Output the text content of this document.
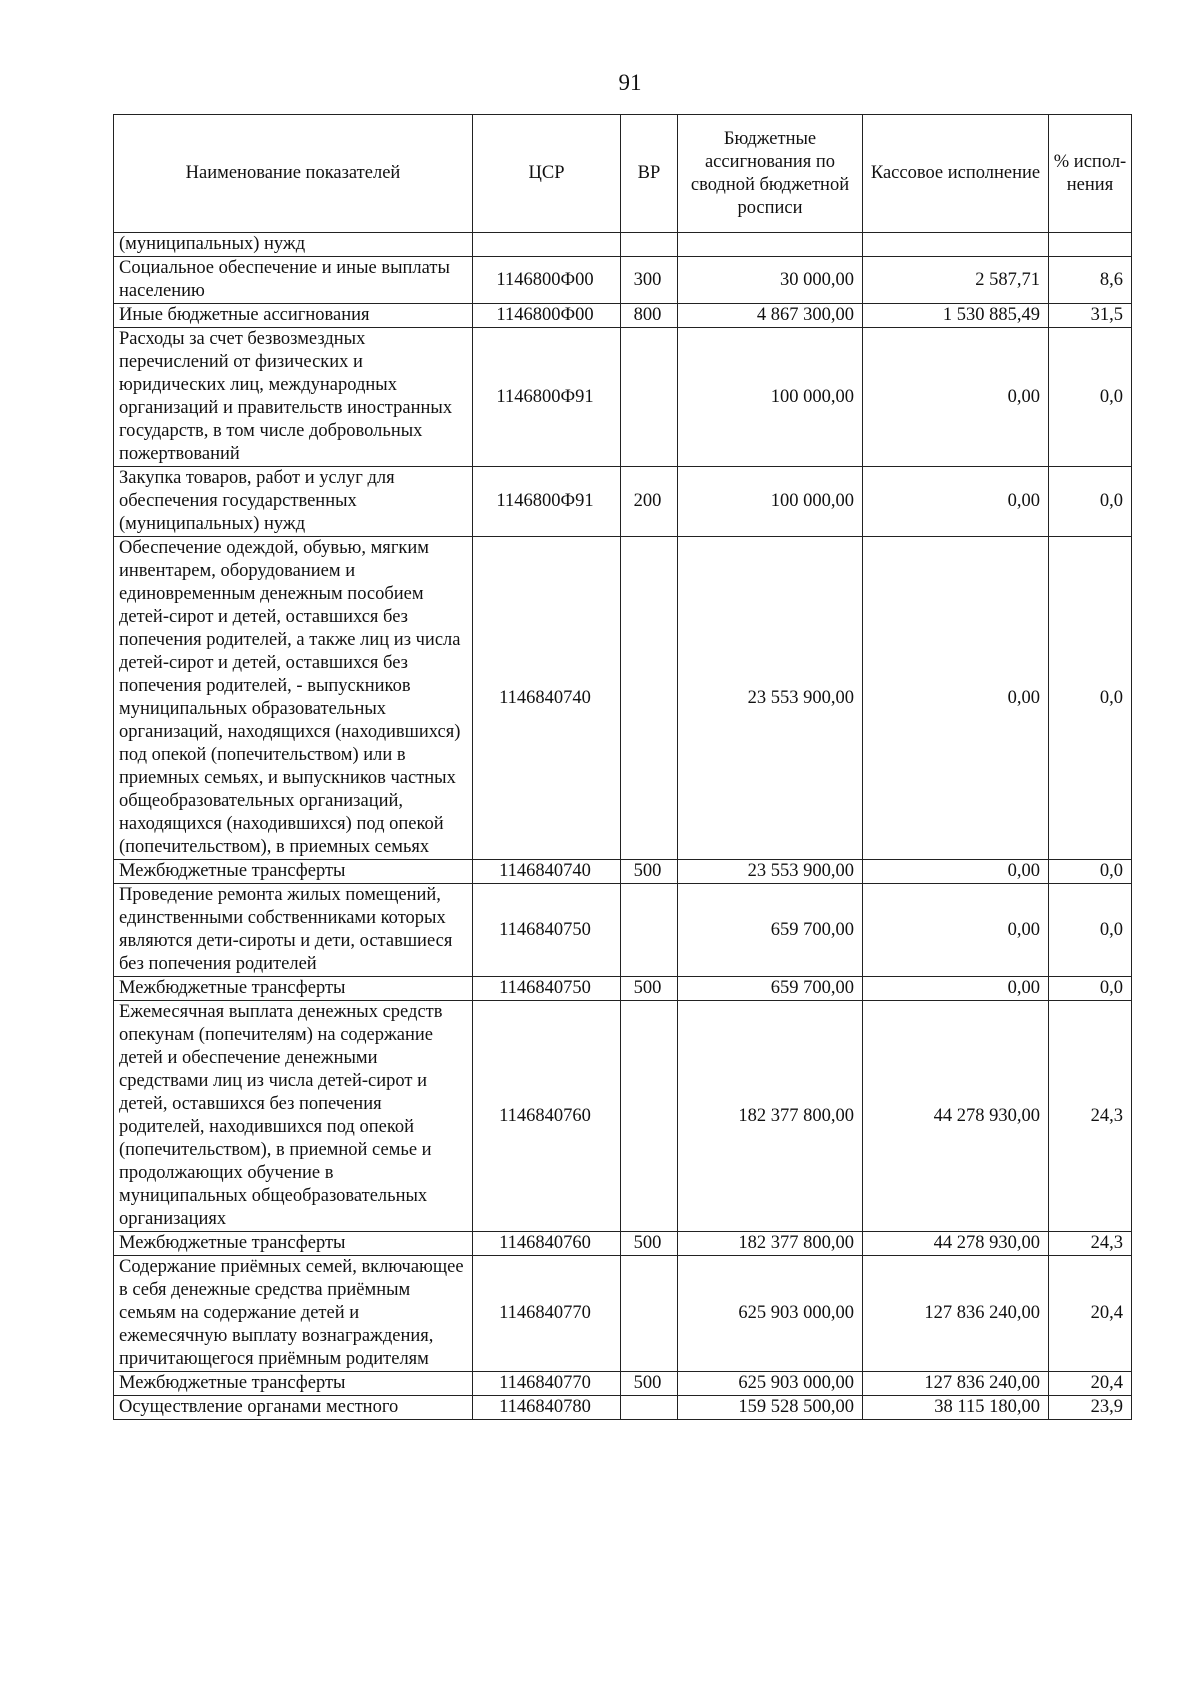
91
Наименование показателей	ЦСР	ВР	Бюджетные ассигнования по сводной бюджетной росписи	Кассовое исполнение	% испол-нения
(муниципальных) нужд					
Социальное обеспечение и иные выплаты населению	1146800Ф00	300	30 000,00	2 587,71	8,6
Иные бюджетные ассигнования	1146800Ф00	800	4 867 300,00	1 530 885,49	31,5
Расходы за счет безвозмездных перечислений от физических и юридических лиц, международных организаций и правительств иностранных государств, в том числе добровольных пожертвований	1146800Ф91		100 000,00	0,00	0,0
Закупка товаров, работ и услуг для обеспечения государственных (муниципальных) нужд	1146800Ф91	200	100 000,00	0,00	0,0
Обеспечение одеждой, обувью, мягким инвентарем, оборудованием и единовременным денежным пособием детей-сирот и детей, оставшихся без попечения родителей, а также лиц из числа детей-сирот и детей, оставшихся без попечения родителей, - выпускников муниципальных образовательных организаций, находящихся (находившихся) под опекой (попечительством) или в приемных семьях, и выпускников частных общеобразовательных организаций, находящихся (находившихся) под опекой (попечительством), в приемных семьях	1146840740		23 553 900,00	0,00	0,0
Межбюджетные трансферты	1146840740	500	23 553 900,00	0,00	0,0
Проведение ремонта жилых помещений, единственными собственниками которых являются дети-сироты и дети, оставшиеся без попечения родителей	1146840750		659 700,00	0,00	0,0
Межбюджетные трансферты	1146840750	500	659 700,00	0,00	0,0
Ежемесячная выплата денежных средств опекунам (попечителям) на содержание детей и обеспечение денежными средствами лиц из числа детей-сирот и детей, оставшихся без попечения родителей, находившихся под опекой (попечительством), в приемной семье и продолжающих обучение в муниципальных общеобразовательных организациях	1146840760		182 377 800,00	44 278 930,00	24,3
Межбюджетные трансферты	1146840760	500	182 377 800,00	44 278 930,00	24,3
Содержание приёмных семей, включающее в себя денежные средства приёмным семьям на содержание детей и ежемесячную выплату вознаграждения, причитающегося приёмным родителям	1146840770		625 903 000,00	127 836 240,00	20,4
Межбюджетные трансферты	1146840770	500	625 903 000,00	127 836 240,00	20,4
Осуществление органами местного	1146840780		159 528 500,00	38 115 180,00	23,9
